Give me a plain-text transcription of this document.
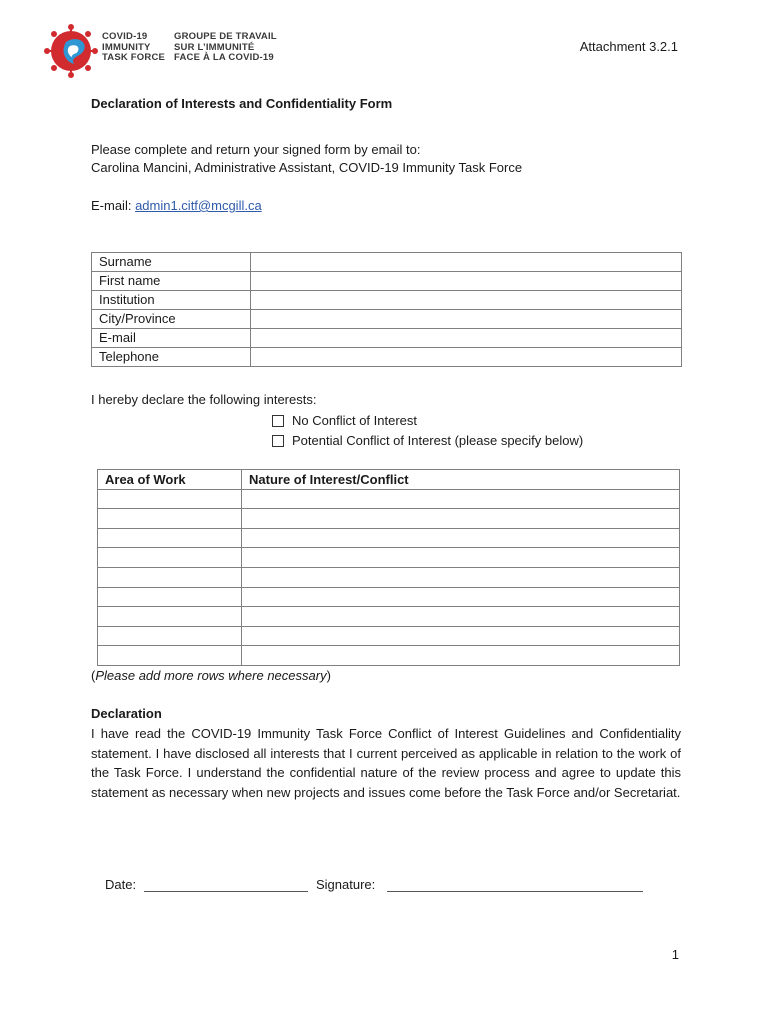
COVID-19
IMMUNITY
TASK FORCE
GROUPE DE TRAVAIL
SUR L’IMMUNITÉ
FACE À LA COVID-19
Attachment 3.2.1
Declaration of Interests and Confidentiality Form
Please complete and return your signed form by email to:
Carolina Mancini, Administrative Assistant, COVID-19 Immunity Task Force
E-mail: admin1.citf@mcgill.ca
Surname	
First name	
Institution	
City/Province	
E-mail	
Telephone	
I hereby declare the following interests:
No Conflict of Interest
Potential Conflict of Interest (please specify below)
Area of Work	Nature of Interest/Conflict

(Please add more rows where necessary)
Declaration
I have read the COVID-19 Immunity Task Force Conflict of Interest Guidelines and Confidentiality statement. I have disclosed all interests that I current perceived as applicable in relation to the work of the Task Force. I understand the confidential nature of the review process and agree to update this statement as necessary when new projects and issues come before the Task Force and/or Secretariat.
Date:	Signature:
1
